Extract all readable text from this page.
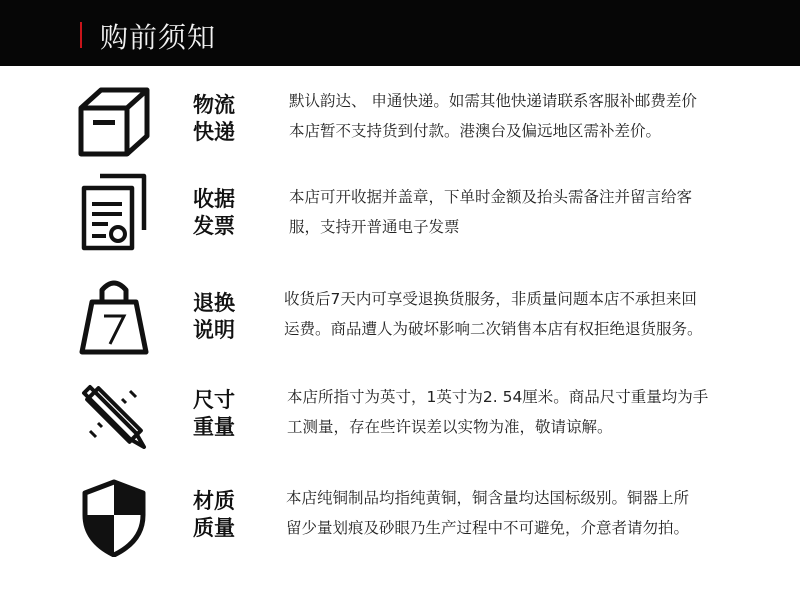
购前须知
物流
快递
默认韵达、 申通快递。如需其他快递请联系客服补邮费差价
本店暂不支持货到付款。港澳台及偏远地区需补差价。
收据
发票
本店可开收据并盖章，下单时金额及抬头需备注并留言给客
服，支持开普通电子发票
退换
说明
收货后7天内可享受退换货服务，非质量问题本店不承担来回
运费。商品遭人为破坏影响二次销售本店有权拒绝退货服务。
尺寸
重量
本店所指寸为英寸，1英寸为2. 54厘米。商品尺寸重量均为手
工测量，存在些许误差以实物为准，敬请谅解。
材质
质量
本店纯铜制品均指纯黄铜，铜含量均达国标级别。铜器上所
留少量划痕及砂眼乃生产过程中不可避免，介意者请勿拍。
